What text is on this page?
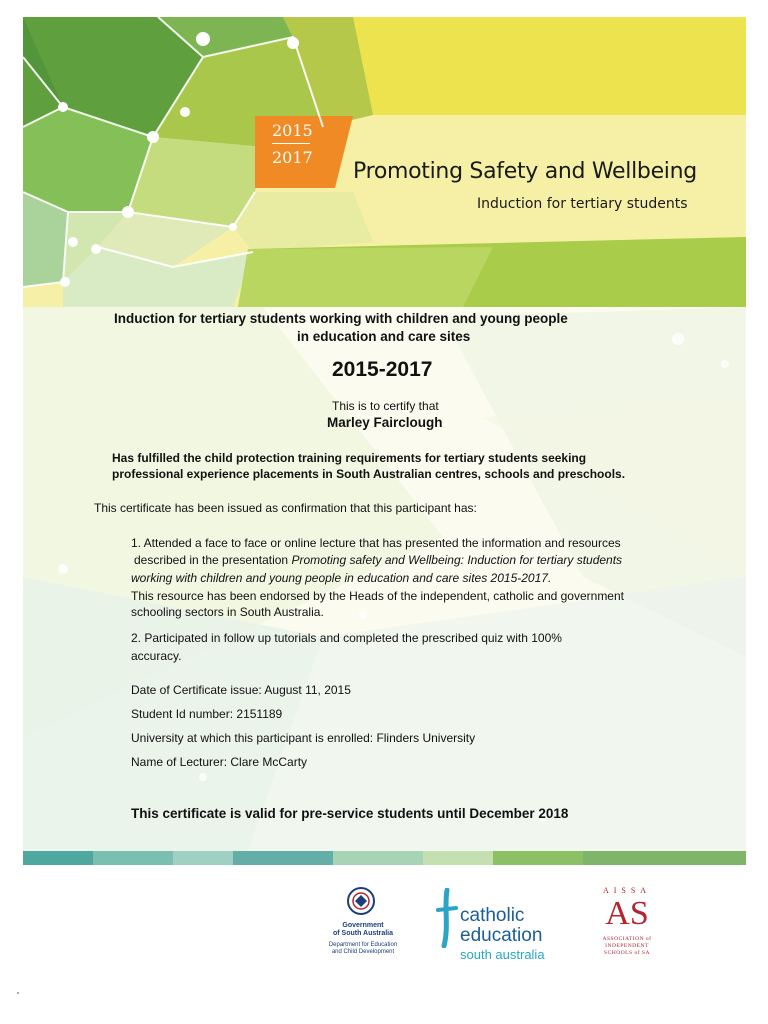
2015
2017
Promoting Safety and Wellbeing
Induction for tertiary students
Induction for tertiary students working with children and young people
in education and care sites
2015-2017
This is to certify that
Marley Fairclough
Has fulfilled the child protection training requirements for tertiary students seeking
professional experience placements in South Australian centres, schools and preschools.
This certificate has been issued as confirmation that this participant has:
1. Attended a face to face or online lecture that has presented the information and resources
described in the presentation Promoting safety and Wellbeing: Induction for tertiary students
working with children and young people in education and care sites 2015-2017.
This resource has been endorsed by the Heads of the independent, catholic and government
schooling sectors in South Australia.
2. Participated in follow up tutorials and completed the prescribed quiz with 100%
accuracy.
Date of Certificate issue: August 11, 2015
Student Id number: 2151189
University at which this participant is enrolled: Flinders University
Name of Lecturer: Clare McCarty
This certificate is valid for pre-service students until December 2018
Government
of South Australia
Department for Education
and Child Development
catholic
education
south australia
AISSA
AS
ASSOCIATION of
INDEPENDENT
SCHOOLS of SA
